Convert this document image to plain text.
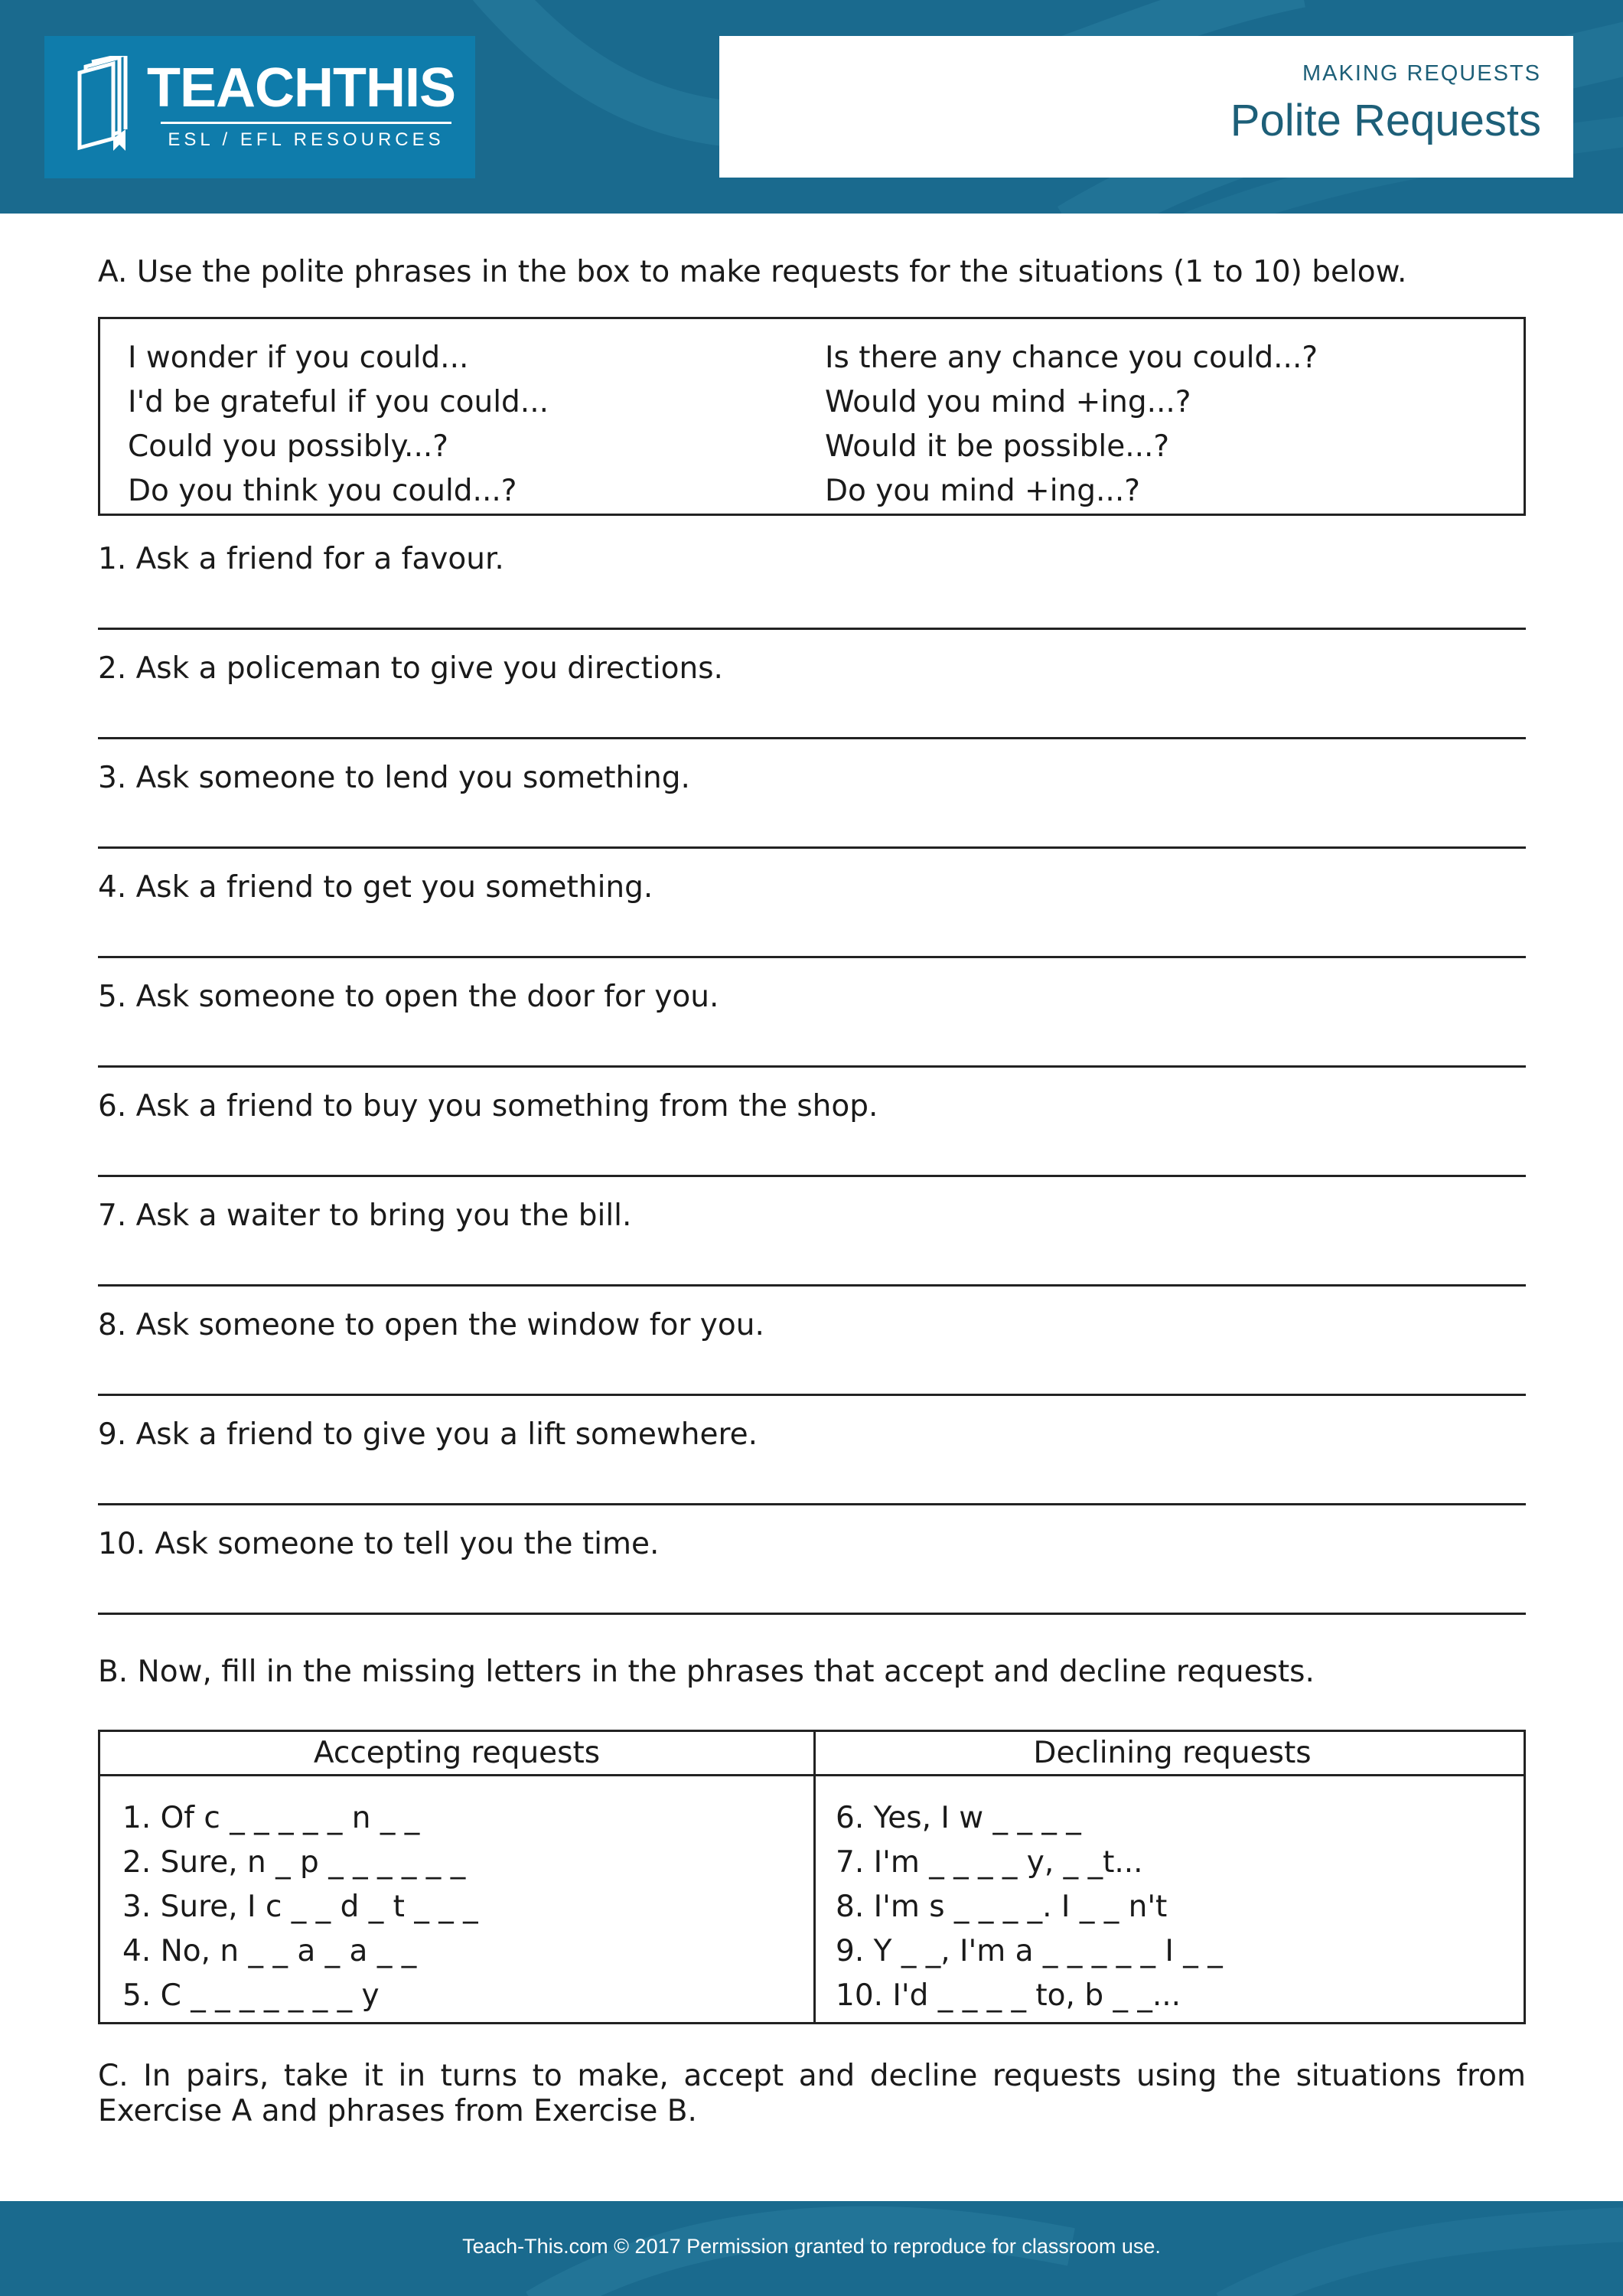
TEACHTHIS
ESL / EFL RESOURCES
MAKING REQUESTS
Polite Requests
A. Use the polite phrases in the box to make requests for the situations (1 to 10) below.
I wonder if you could...
I'd be grateful if you could...
Could you possibly...?
Do you think you could...?
Is there any chance you could...?
Would you mind +ing...?
Would it be possible...?
Do you mind +ing...?
1. Ask a friend for a favour.
2. Ask a policeman to give you directions.
3. Ask someone to lend you something.
4. Ask a friend to get you something.
5. Ask someone to open the door for you.
6. Ask a friend to buy you something from the shop.
7. Ask a waiter to bring you the bill.
8. Ask someone to open the window for you.
9. Ask a friend to give you a lift somewhere.
10. Ask someone to tell you the time.
B. Now, fill in the missing letters in the phrases that accept and decline requests.
Accepting requests	Declining requests
1. Of c _ _ _ _ _ n _ _
2. Sure, n _ p _ _ _ _ _ _
3. Sure, I c _ _ d _ t _ _ _
4. No, n _ _ a _ a _ _
5. C _ _ _ _ _ _ _ y
6. Yes, I w _ _ _ _
7. I'm _ _ _ _ y, _ _t...
8. I'm s _ _ _ _. I _ _ n't
9. Y _ _, I'm a _ _ _ _ _ I _ _
10. I'd _ _ _ _ to, b _ _...
C. In pairs, take it in turns to make, accept and decline requests using the situations from Exercise A and phrases from Exercise B.
Teach-This.com © 2017 Permission granted to reproduce for classroom use.
